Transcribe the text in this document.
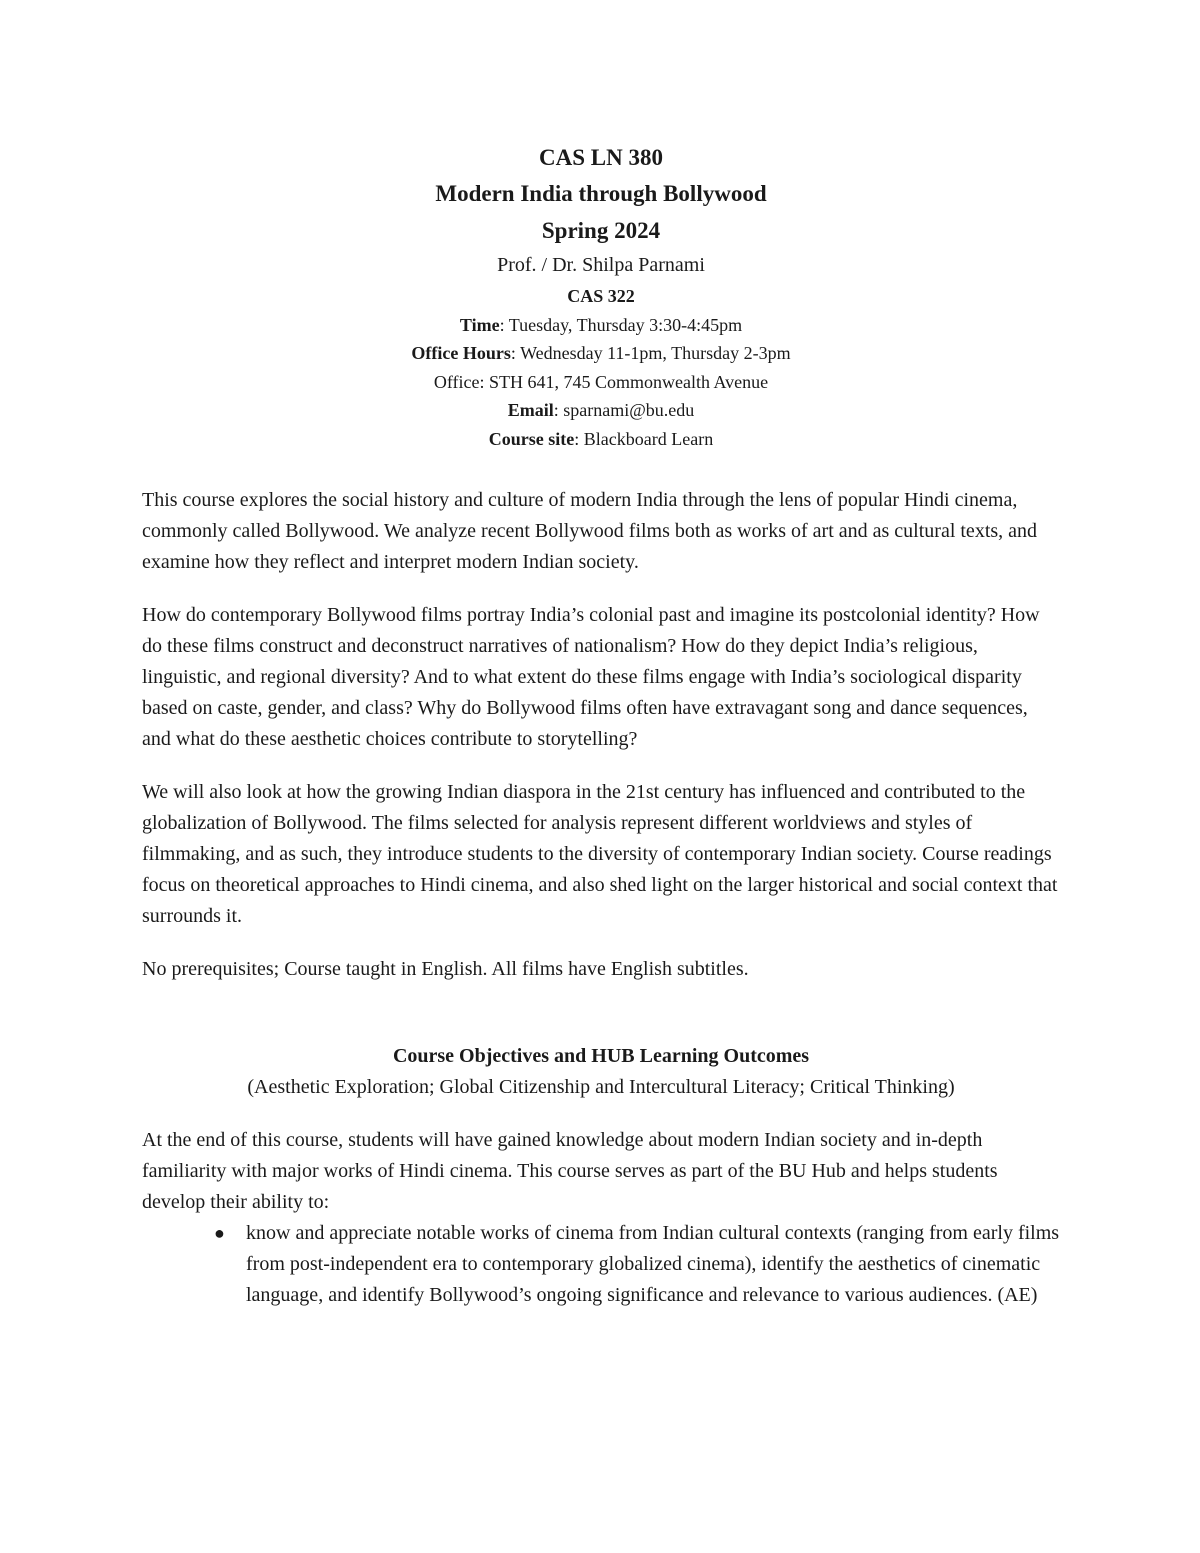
CAS LN 380
Modern India through Bollywood
Spring 2024
Prof. / Dr. Shilpa Parnami
CAS 322
Time: Tuesday, Thursday 3:30-4:45pm
Office Hours: Wednesday 11-1pm, Thursday 2-3pm
Office: STH 641, 745 Commonwealth Avenue
Email: sparnami@bu.edu
Course site: Blackboard Learn

This course explores the social history and culture of modern India through the lens of popular Hindi cinema, commonly called Bollywood. We analyze recent Bollywood films both as works of art and as cultural texts, and examine how they reflect and interpret modern Indian society.

How do contemporary Bollywood films portray India’s colonial past and imagine its postcolonial identity? How do these films construct and deconstruct narratives of nationalism? How do they depict India’s religious, linguistic, and regional diversity? And to what extent do these films engage with India’s sociological disparity based on caste, gender, and class? Why do Bollywood films often have extravagant song and dance sequences, and what do these aesthetic choices contribute to storytelling?

We will also look at how the growing Indian diaspora in the 21st century has influenced and contributed to the globalization of Bollywood. The films selected for analysis represent different worldviews and styles of filmmaking, and as such, they introduce students to the diversity of contemporary Indian society. Course readings focus on theoretical approaches to Hindi cinema, and also shed light on the larger historical and social context that surrounds it.

No prerequisites; Course taught in English. All films have English subtitles.

Course Objectives and HUB Learning Outcomes
(Aesthetic Exploration; Global Citizenship and Intercultural Literacy; Critical Thinking)

At the end of this course, students will have gained knowledge about modern Indian society and in-depth familiarity with major works of Hindi cinema. This course serves as part of the BU Hub and helps students develop their ability to:

● know and appreciate notable works of cinema from Indian cultural contexts (ranging from early films from post-independent era to contemporary globalized cinema), identify the aesthetics of cinematic language, and identify Bollywood’s ongoing significance and relevance to various audiences. (AE)
